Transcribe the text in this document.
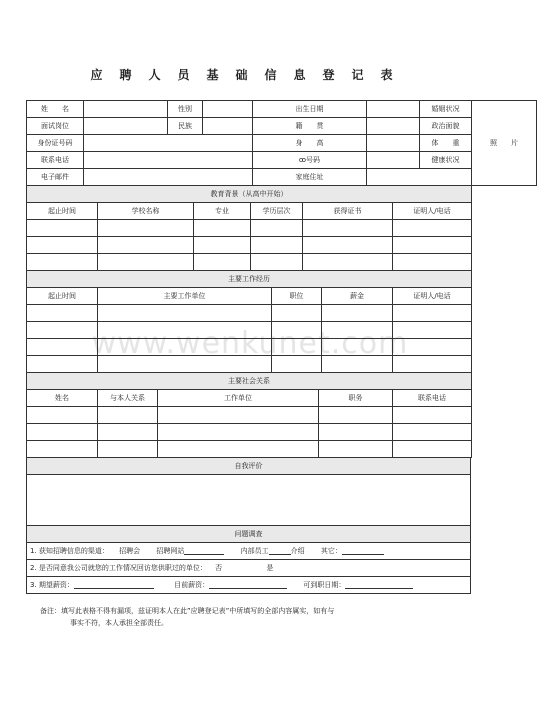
应聘人员基础信息登记表
www.wenkunet.com
姓　　名		性别		出生日期		婚姻状况		照　　片
面试岗位		民族		籍　　贯		政治面貌	
身份证号码				身　　高		体　　重	
联系电话				ꝏ号码		健康状况	
电子邮件				家庭住址			
教育背景（从高中开始）					
起止时间	学校名称	专业	学历层次	获得证书	证明人/电话

主要工作经历				
起止时间	主要工作单位	职位	薪金	证明人/电话

主要社会关系				
姓名	与本人关系	工作单位	职务	联系电话

自我评价

问题调查
1. 获知招聘信息的渠道： 招聘会 招聘网站	内部员工	介绍 其它：
2. 是否同意我公司就您的工作情况回访您供职过的单位： 否	是
3. 期望薪资：	目前薪资：	可到职日期：
备注：填写此表格不得有漏项，兹证明本人在此”应聘登记表”中所填写的全部内容属实，如有与
事实不符，本人承担全部责任。
